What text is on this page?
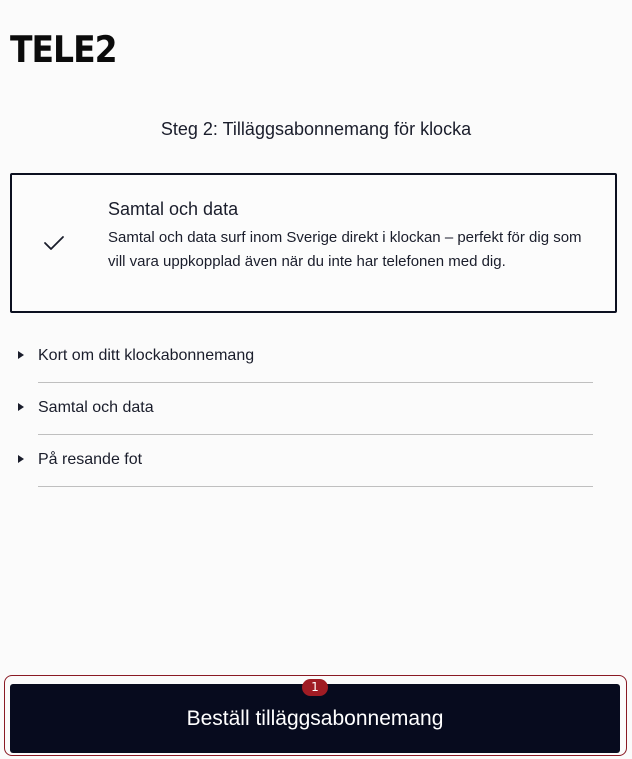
TELE2
Steg 2: Tilläggsabonnemang för klocka
Samtal och data
Samtal och data surf inom Sverige direkt i klockan – perfekt för dig som vill vara uppkopplad även när du inte har telefonen med dig.
Kort om ditt klockabonnemang
Samtal och data
På resande fot
Beställ tilläggsabonnemang
1
